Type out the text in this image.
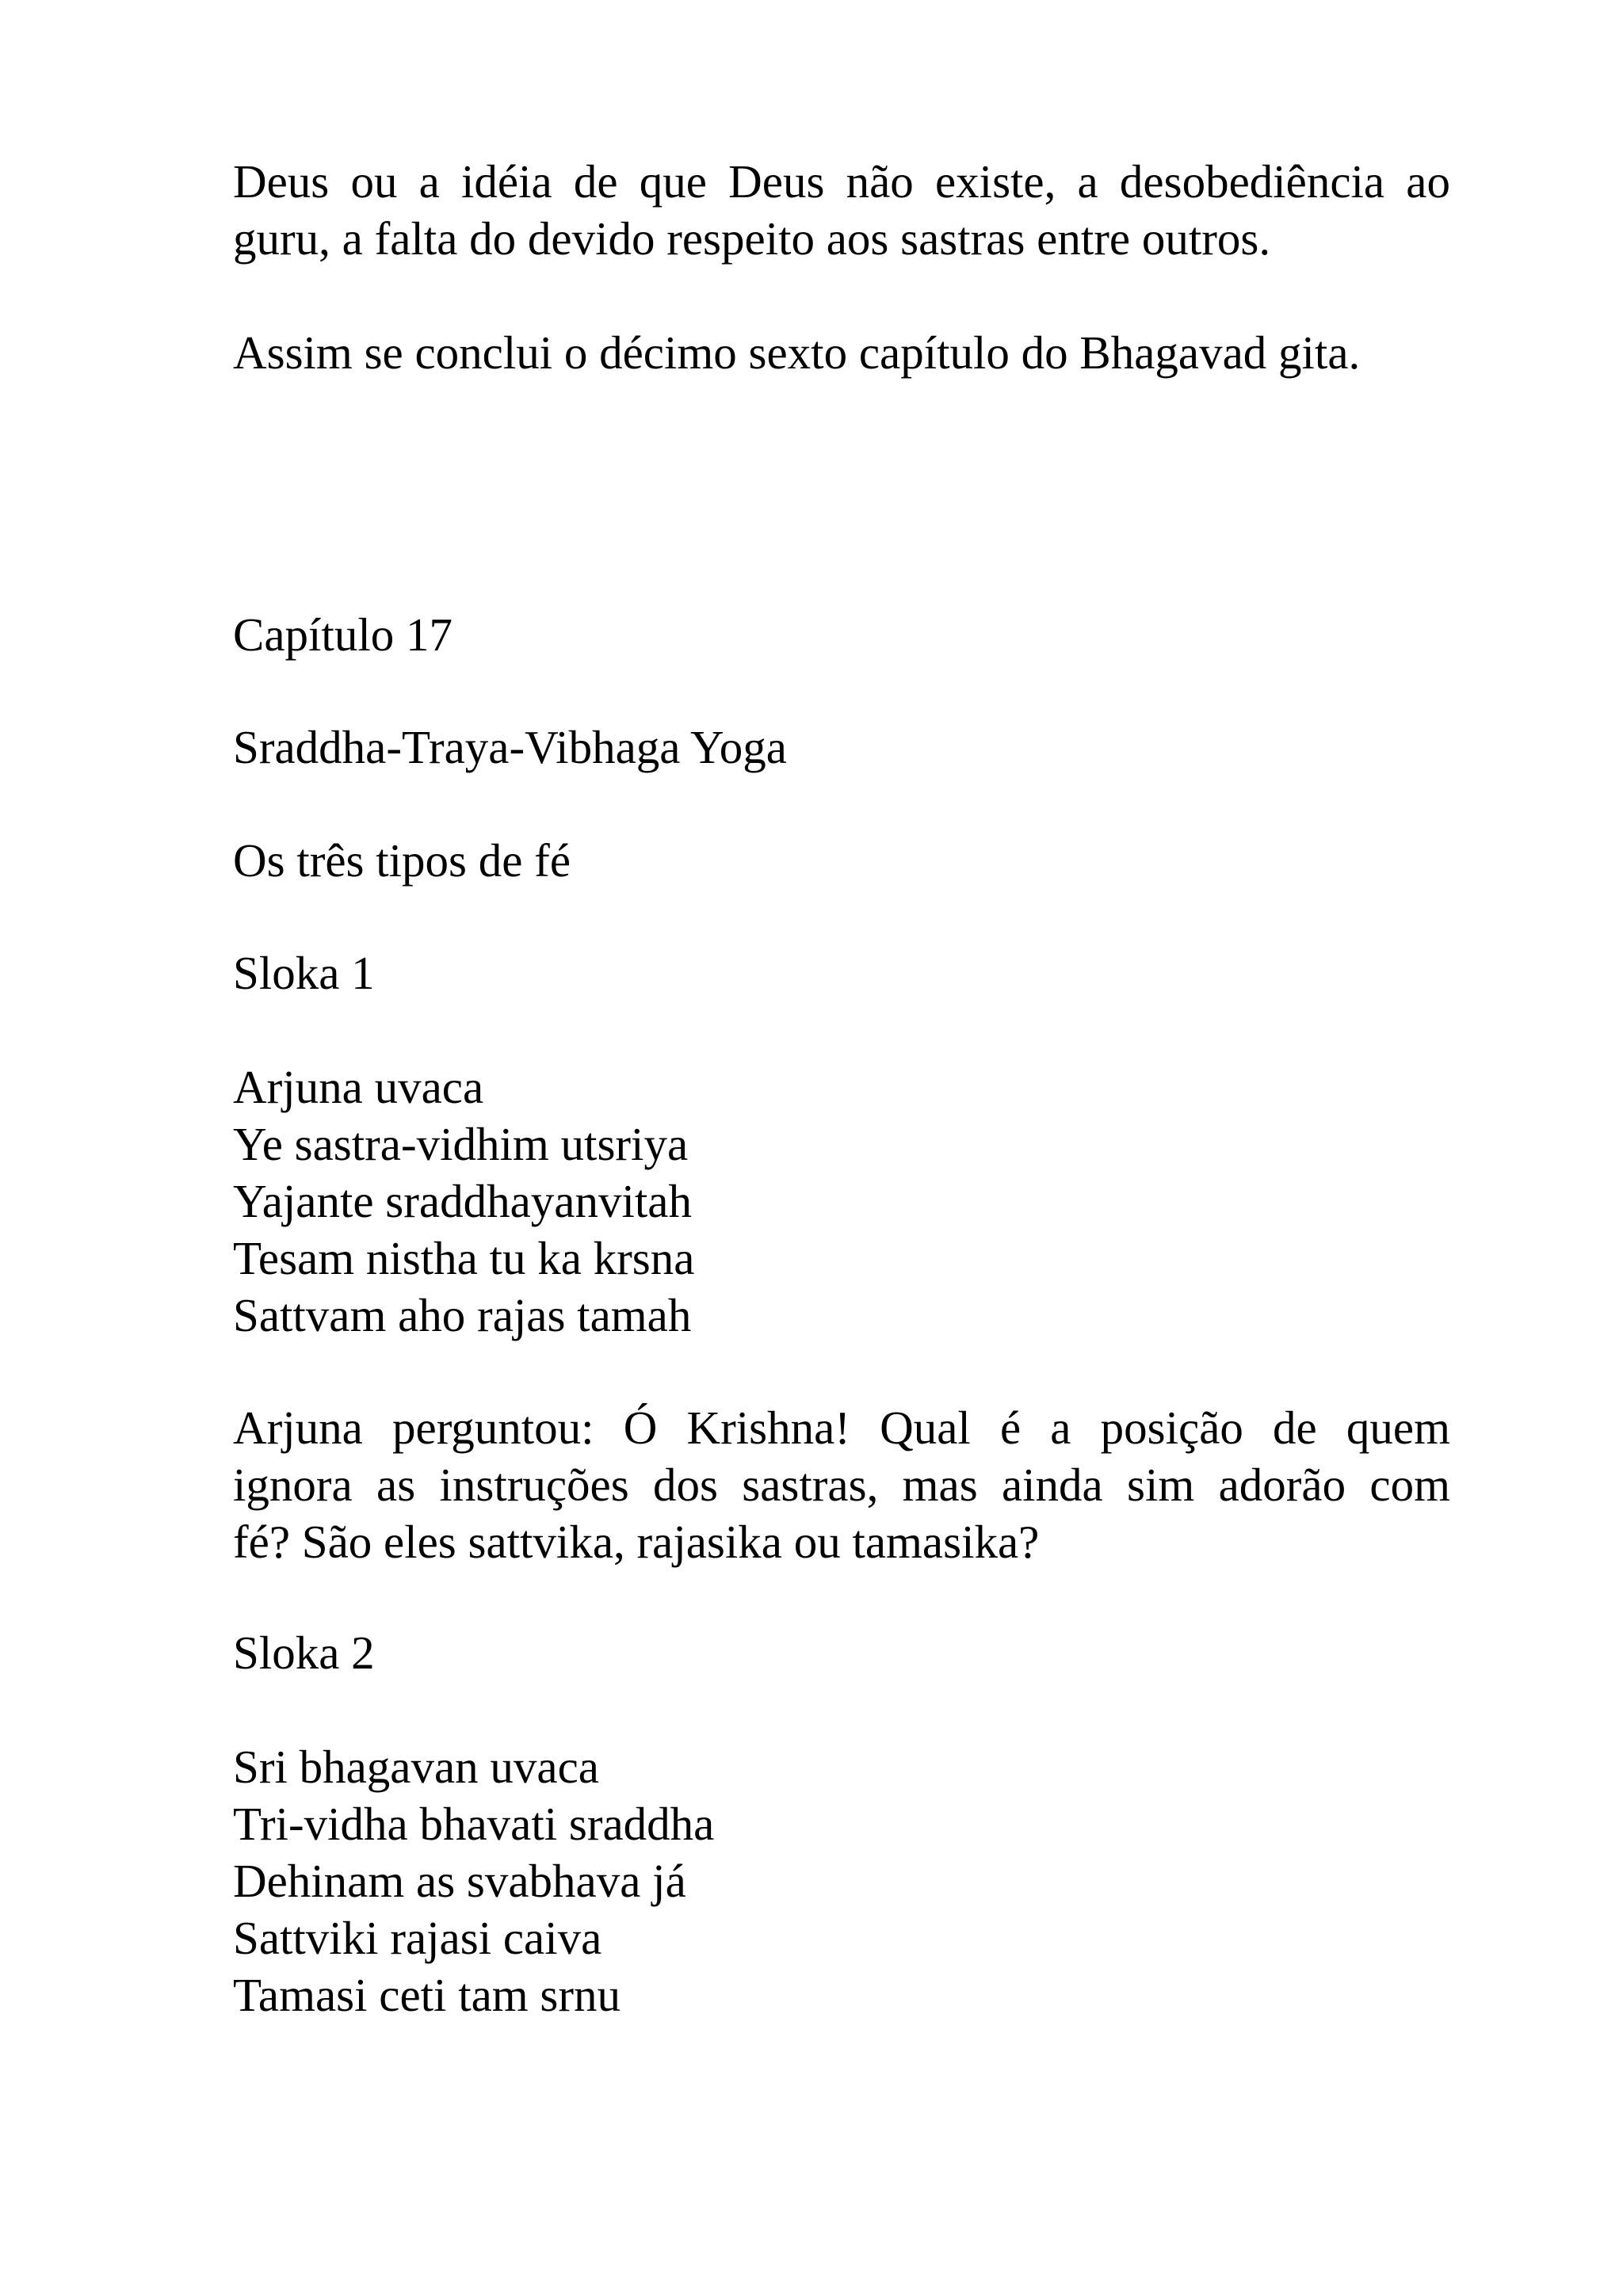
Deus ou a idéia de que Deus não existe, a desobediência ao
guru, a falta do devido respeito aos sastras entre outros.

Assim se conclui o décimo sexto capítulo do Bhagavad gita.

Capítulo 17

Sraddha-Traya-Vibhaga Yoga

Os três tipos de fé

Sloka 1

Arjuna uvaca
Ye sastra-vidhim utsriya
Yajante sraddhayanvitah
Tesam nistha tu ka krsna
Sattvam aho rajas tamah
Arjuna perguntou: Ó Krishna! Qual é a posição de quem
ignora as instruções dos sastras, mas ainda sim adorão com
fé? São eles sattvika, rajasika ou tamasika?

Sloka 2

Sri bhagavan uvaca
Tri-vidha bhavati sraddha
Dehinam as svabhava já
Sattviki rajasi caiva
Tamasi ceti tam srnu
